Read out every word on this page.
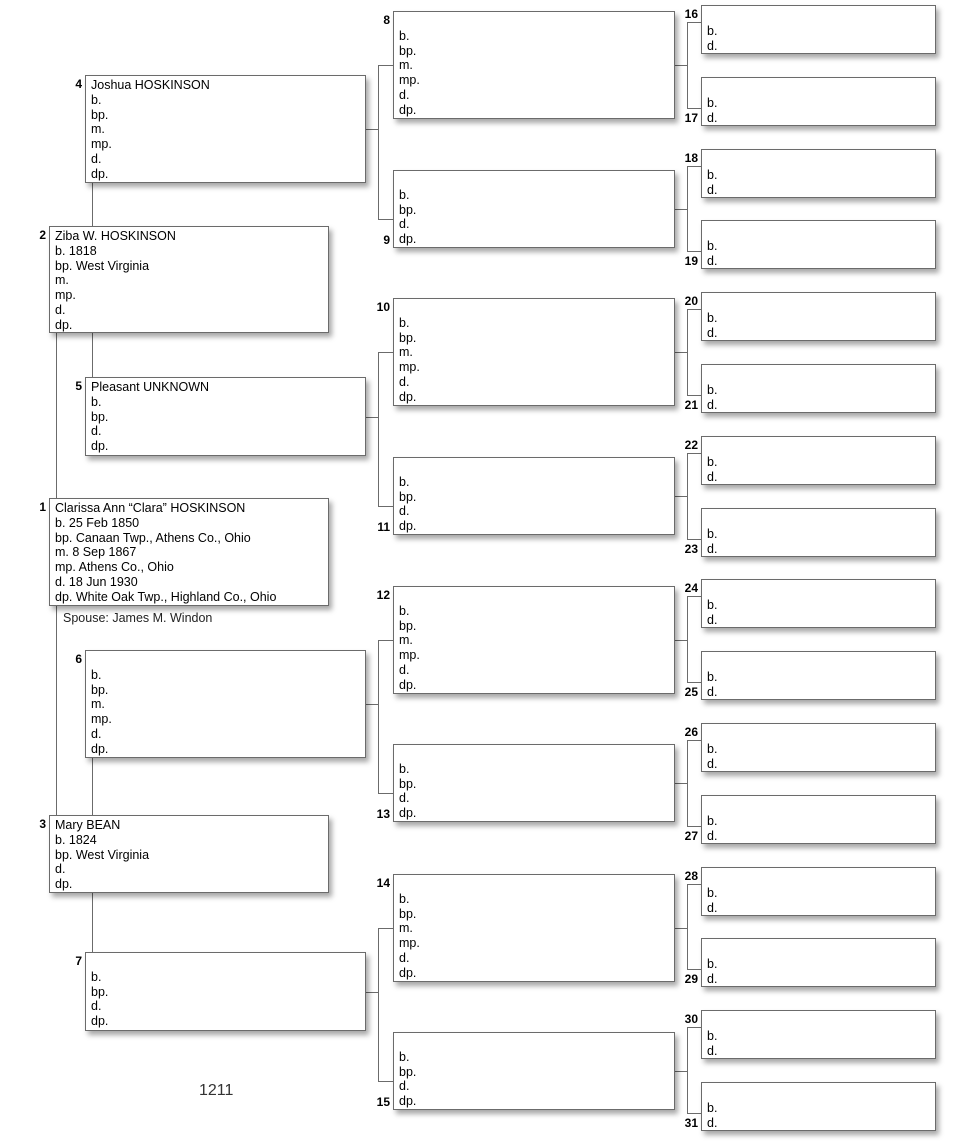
Clarissa Ann “Clara” HOSKINSON
b. 25 Feb 1850
bp. Canaan Twp., Athens Co., Ohio
m. 8 Sep 1867
mp. Athens Co., Ohio
d. 18 Jun 1930
dp. White Oak Twp., Highland Co., Ohio
1
Ziba W. HOSKINSON
b. 1818
bp. West Virginia
m.
mp.
d.
dp.
2
Mary BEAN
b. 1824
bp. West Virginia
d.
dp.
3
Joshua HOSKINSON
b.
bp.
m.
mp.
d.
dp.
4
Pleasant UNKNOWN
b.
bp.
d.
dp.
5

b.
bp.
m.
mp.
d.
dp.
6

b.
bp.
d.
dp.
7

b.
bp.
m.
mp.
d.
dp.
8

b.
bp.
d.
dp.
9

b.
bp.
m.
mp.
d.
dp.
10

b.
bp.
d.
dp.
11

b.
bp.
m.
mp.
d.
dp.
12

b.
bp.
d.
dp.
13

b.
bp.
m.
mp.
d.
dp.
14

b.
bp.
d.
dp.
15

b.
d.
16

b.
d.
17

b.
d.
18

b.
d.
19

b.
d.
20

b.
d.
21

b.
d.
22

b.
d.
23

b.
d.
24

b.
d.
25

b.
d.
26

b.
d.
27

b.
d.
28

b.
d.
29

b.
d.
30

b.
d.
31
Spouse: James M. Windon
1211
